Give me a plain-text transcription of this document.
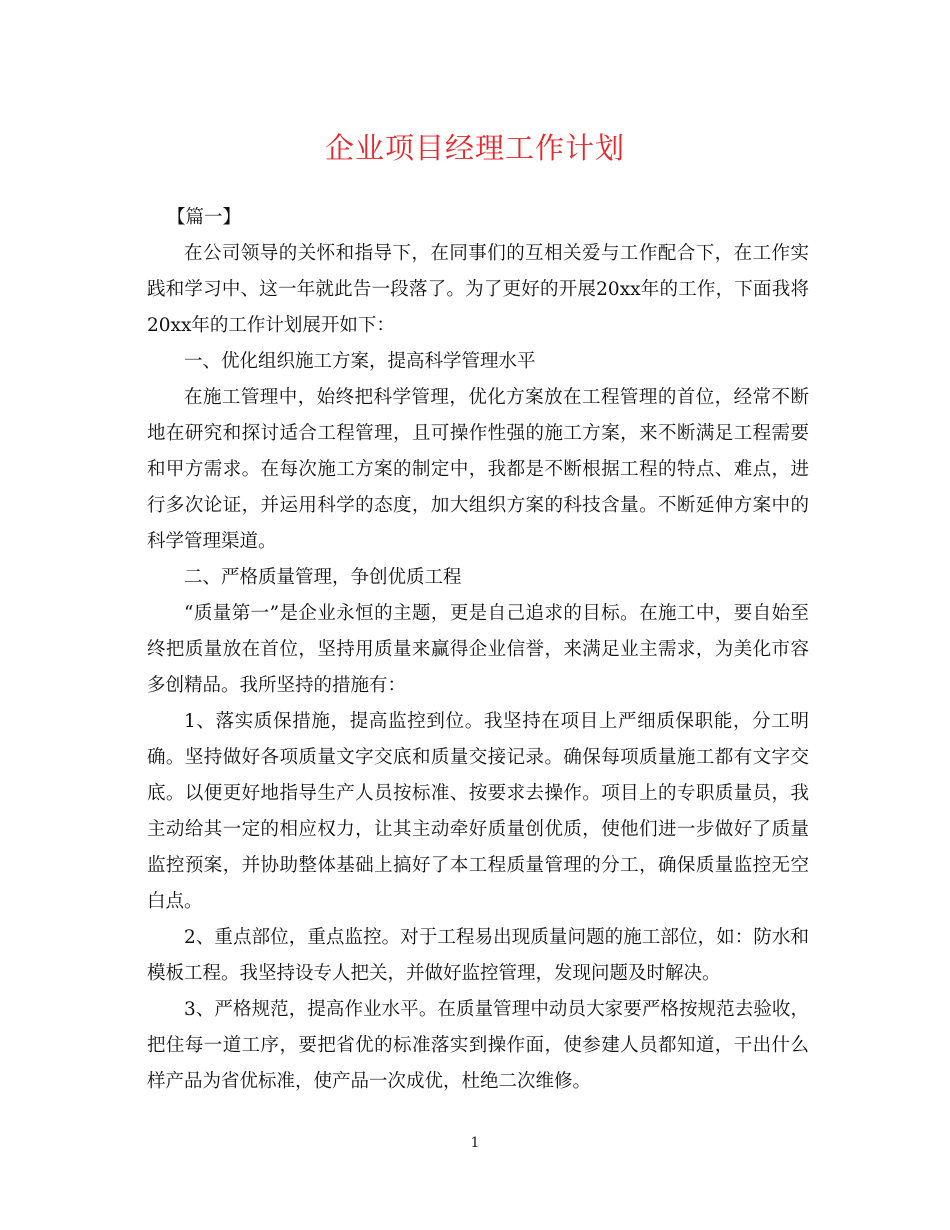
企业项目经理工作计划

【篇一】

在公司领导的关怀和指导下，在同事们的互相关爱与工作配合下，在工作实践和学习中、这一年就此告一段落了。为了更好的开展20xx年的工作，下面我将20xx年的工作计划展开如下：

一、优化组织施工方案，提高科学管理水平

在施工管理中，始终把科学管理，优化方案放在工程管理的首位，经常不断地在研究和探讨适合工程管理，且可操作性强的施工方案，来不断满足工程需要和甲方需求。在每次施工方案的制定中，我都是不断根据工程的特点、难点，进行多次论证，并运用科学的态度，加大组织方案的科技含量。不断延伸方案中的科学管理渠道。

二、严格质量管理，争创优质工程

“质量第一”是企业永恒的主题，更是自己追求的目标。在施工中，要自始至终把质量放在首位，坚持用质量来赢得企业信誉，来满足业主需求，为美化市容多创精品。我所坚持的措施有：

1、落实质保措施，提高监控到位。我坚持在项目上严细质保职能，分工明确。坚持做好各项质量文字交底和质量交接记录。确保每项质量施工都有文字交底。以便更好地指导生产人员按标准、按要求去操作。项目上的专职质量员，我主动给其一定的相应权力，让其主动牵好质量创优质，使他们进一步做好了质量监控预案，并协助整体基础上搞好了本工程质量管理的分工，确保质量监控无空白点。

2、重点部位，重点监控。对于工程易出现质量问题的施工部位，如：防水和模板工程。我坚持设专人把关，并做好监控管理，发现问题及时解决。

3、严格规范，提高作业水平。在质量管理中动员大家要严格按规范去验收，把住每一道工序，要把省优的标准落实到操作面，使参建人员都知道，干出什么样产品为省优标准，使产品一次成优，杜绝二次维修。

1
